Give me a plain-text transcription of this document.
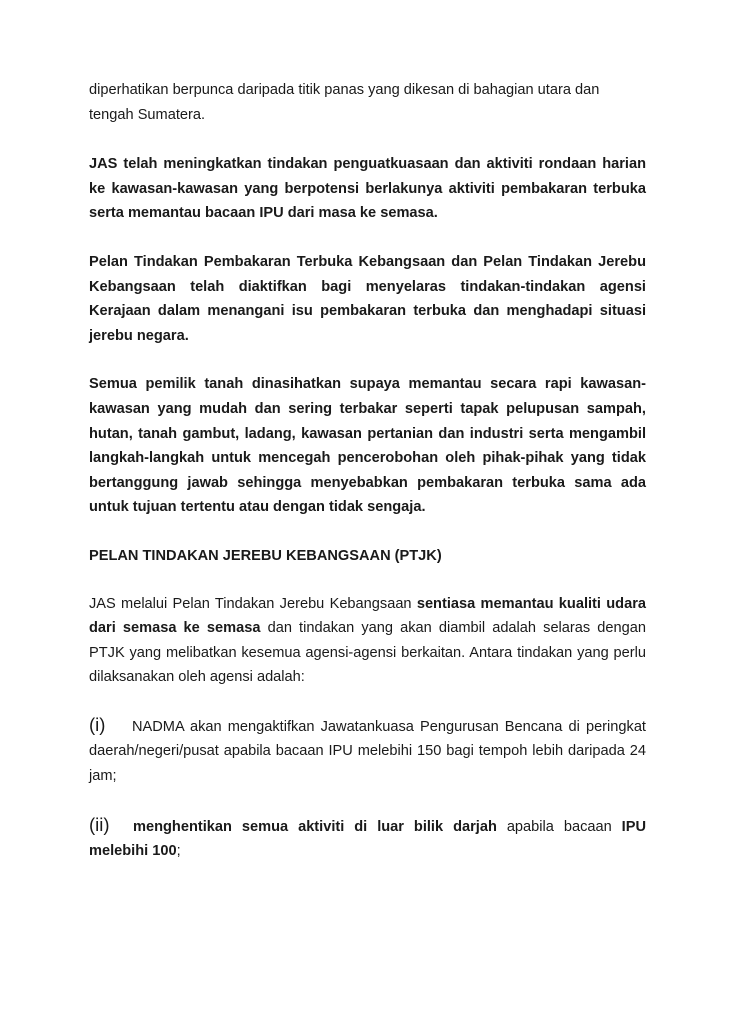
diperhatikan berpunca daripada titik panas yang dikesan di bahagian utara dan tengah Sumatera.

JAS telah meningkatkan tindakan penguatkuasaan dan aktiviti rondaan harian ke kawasan-kawasan yang berpotensi berlakunya aktiviti pembakaran terbuka serta memantau bacaan IPU dari masa ke semasa.

Pelan Tindakan Pembakaran Terbuka Kebangsaan dan Pelan Tindakan Jerebu Kebangsaan telah diaktifkan bagi menyelaras tindakan-tindakan agensi Kerajaan dalam menangani isu pembakaran terbuka dan menghadapi situasi jerebu negara.

Semua pemilik tanah dinasihatkan supaya memantau secara rapi kawasan-kawasan yang mudah dan sering terbakar seperti tapak pelupusan sampah, hutan, tanah gambut, ladang, kawasan pertanian dan industri serta mengambil langkah-langkah untuk mencegah pencerobohan oleh pihak-pihak yang tidak bertanggung jawab sehingga menyebabkan pembakaran terbuka sama ada untuk tujuan tertentu atau dengan tidak sengaja.

PELAN TINDAKAN JEREBU KEBANGSAAN (PTJK)

JAS melalui Pelan Tindakan Jerebu Kebangsaan sentiasa memantau kualiti udara dari semasa ke semasa dan tindakan yang akan diambil adalah selaras dengan PTJK yang melibatkan kesemua agensi-agensi berkaitan. Antara tindakan yang perlu dilaksanakan oleh agensi adalah:

(i) NADMA akan mengaktifkan Jawatankuasa Pengurusan Bencana di peringkat daerah/negeri/pusat apabila bacaan IPU melebihi 150 bagi tempoh lebih daripada 24 jam;

(ii) menghentikan semua aktiviti di luar bilik darjah apabila bacaan IPU melebihi 100;
